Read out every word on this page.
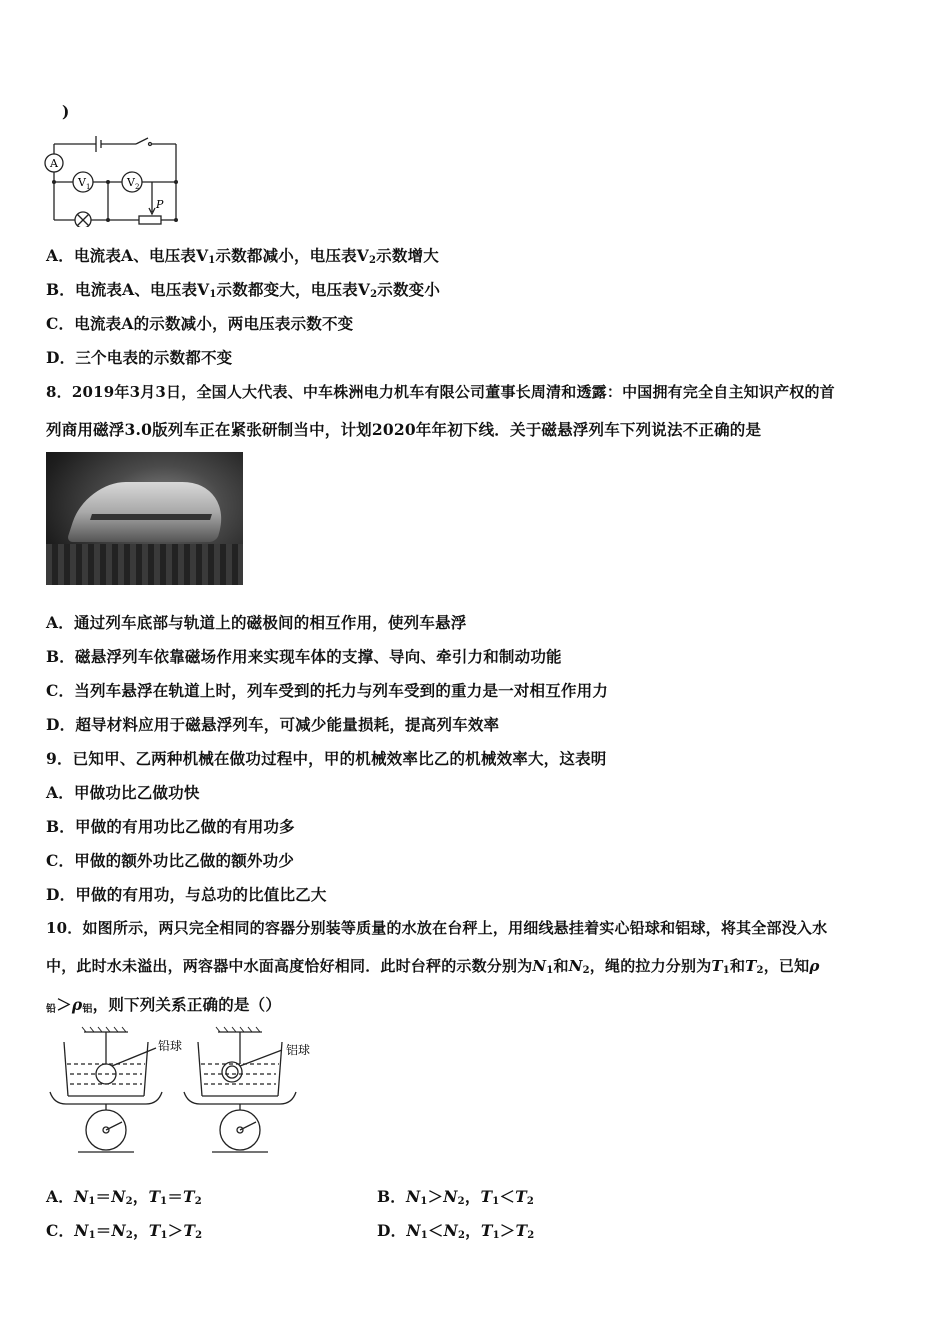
)
A
V 1	V 2
P
A．电流表A、电压表$V_1$示数都减小，电压表$V_2$示数增大
B．电流表A、电压表$V_1$示数都变大，电压表$V_2$示数变小
C．电流表A的示数减小，两电压表示数不变
D．三个电表的示数都不变
8．2019年3月3日，全国人大代表、中车株洲电力机车有限公司董事长周清和透露：中国拥有完全自主知识产权的首
列商用磁浮3.0版列车正在紧张研制当中，计划2020年年初下线．关于磁悬浮列车下列说法不正确的是
A．通过列车底部与轨道上的磁极间的相互作用，使列车悬浮
B．磁悬浮列车依靠磁场作用来实现车体的支撑、导向、牵引力和制动功能
C．当列车悬浮在轨道上时，列车受到的托力与列车受到的重力是一对相互作用力
D．超导材料应用于磁悬浮列车，可减少能量损耗，提高列车效率
9．已知甲、乙两种机械在做功过程中，甲的机械效率比乙的机械效率大，这表明
A．甲做功比乙做功快
B．甲做的有用功比乙做的有用功多
C．甲做的额外功比乙做的额外功少
D．甲做的有用功，与总功的比值比乙大
10．如图所示，两只完全相同的容器分别装等质量的水放在台秤上，用细线悬挂着实心铅球和铝球，将其全部没入水
中，此时水未溢出，两容器中水面高度恰好相同．此时台秤的示数分别为$N_1$和$N_2$，绳的拉力分别为$T_1$和$T_2$，已知ρ
$_铅>\rho_铝$，则下列关系正确的是（）
铅球	铝球
A．$N_1=N_2$，$T_1=T_2$	B．$N_1>N_2$，$T_1<T_2$
C．$N_1=N_2$，$T_1>T_2$	D．$N_1<N_2$，$T_1>T_2$
